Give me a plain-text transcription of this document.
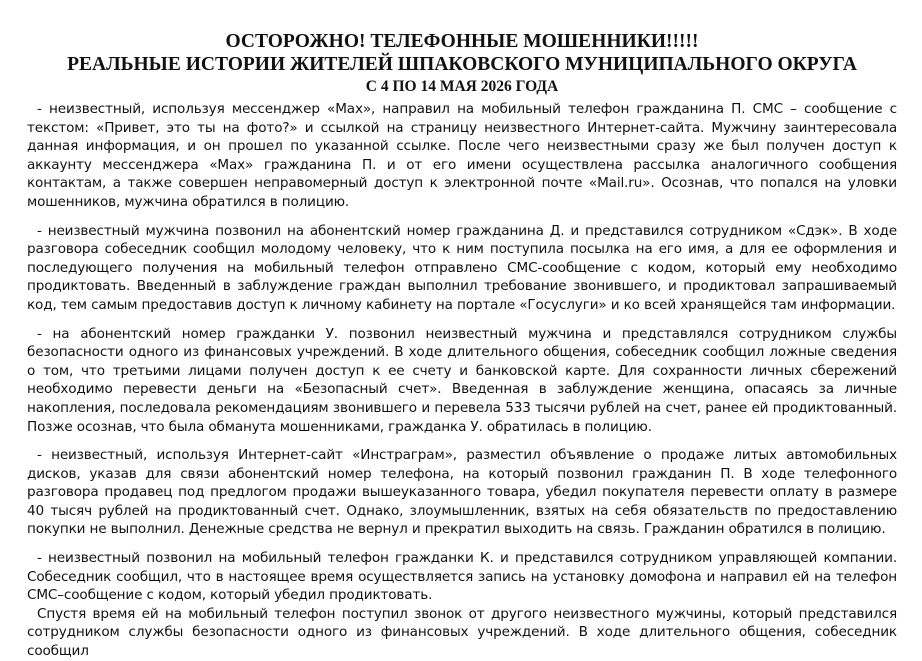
ОСТОРОЖНО! ТЕЛЕФОННЫЕ МОШЕННИКИ!!!!!

РЕАЛЬНЫЕ ИСТОРИИ ЖИТЕЛЕЙ ШПАКОВСКОГО МУНИЦИПАЛЬНОГО ОКРУГА

С 4 ПО 14 МАЯ 2026 ГОДА

- неизвестный, используя мессенджер «Мах», направил на мобильный телефон гражданина П. СМС – сообщение с текстом: «Привет, это ты на фото?» и ссылкой на страницу неизвестного Интернет-сайта. Мужчину заинтересовала данная информация, и он прошел по указанной ссылке. После чего неизвестными сразу же был получен доступ к аккаунту мессенджера «Мах» гражданина П. и от его имени осуществлена рассылка аналогичного сообщения контактам, а также совершен неправомерный доступ к электронной почте «Mail.ru». Осознав, что попался на уловки мошенников, мужчина обратился в полицию.

- неизвестный мужчина позвонил на абонентский номер гражданина Д. и представился сотрудником «Сдэк». В ходе разговора собеседник сообщил молодому человеку, что к ним поступила посылка на его имя, а для ее оформления и последующего получения на мобильный телефон отправлено СМС-сообщение с кодом, который ему необходимо продиктовать. Введенный в заблуждение граждан выполнил требование звонившего, и продиктовал запрашиваемый код, тем самым предоставив доступ к личному кабинету на портале «Госуслуги» и ко всей хранящейся там информации.

- на абонентский номер гражданки У. позвонил неизвестный мужчина и представлялся сотрудником службы безопасности одного из финансовых учреждений. В ходе длительного общения, собеседник сообщил ложные сведения о том, что третьими лицами получен доступ к ее счету и банковской карте. Для сохранности личных сбережений необходимо перевести деньги на «Безопасный счет». Введенная в заблуждение женщина, опасаясь за личные накопления, последовала рекомендациям звонившего и перевела 533 тысячи рублей на счет, ранее ей продиктованный. Позже осознав, что была обманута мошенниками, гражданка У. обратилась в полицию.

- неизвестный, используя Интернет-сайт «Инстраграм», разместил объявление о продаже литых автомобильных дисков, указав для связи абонентский номер телефона, на который позвонил гражданин П. В ходе телефонного разговора продавец под предлогом продажи вышеуказанного товара, убедил покупателя перевести оплату в размере 40 тысяч рублей на продиктованный счет. Однако, злоумышленник, взятых на себя обязательств по предоставлению покупки не выполнил. Денежные средства не вернул и прекратил выходить на связь. Гражданин обратился в полицию.

- неизвестный позвонил на мобильный телефон гражданки К. и представился сотрудником управляющей компании. Собеседник сообщил, что в настоящее время осуществляется запись на установку домофона и направил ей на телефон СМС–сообщение с кодом, который убедил продиктовать.

Спустя время ей на мобильный телефон поступил звонок от другого неизвестного мужчины, который представился сотрудником службы безопасности одного из финансовых учреждений. В ходе длительного общения, собеседник сообщил
